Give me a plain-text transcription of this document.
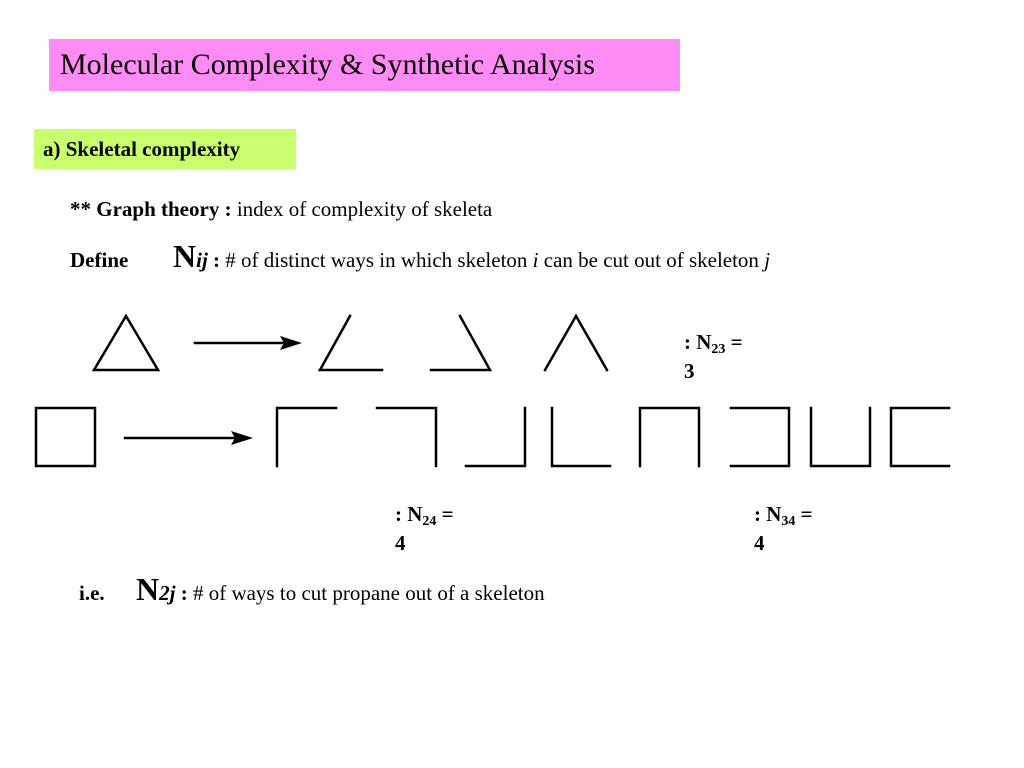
Molecular Complexity & Synthetic Analysis
a) Skeletal complexity
** Graph theory : index of complexity of skeleta
Define Nij : # of distinct ways in which skeleton i can be cut out of skeleton j
: $N_{23}$ =
3
: $N_{24}$ =
4
: $N_{34}$ =
4
i.e. N2j : # of ways to cut propane out of a skeleton
